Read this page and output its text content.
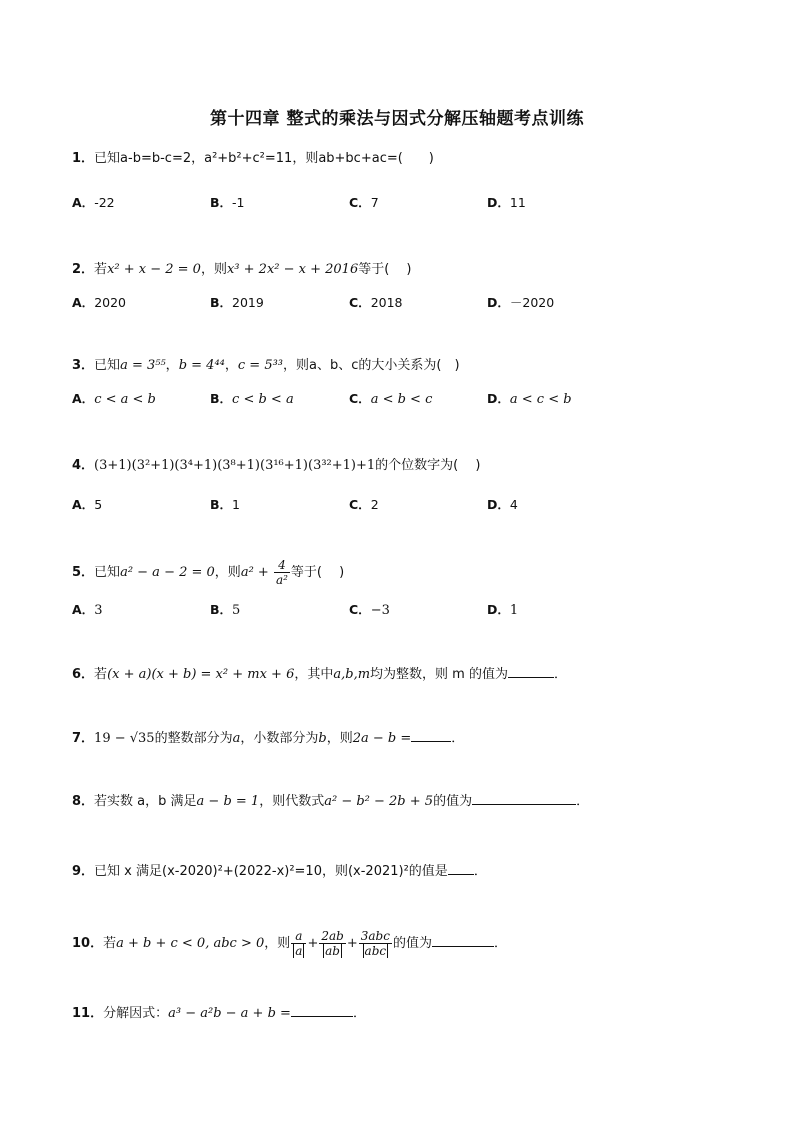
第十四章 整式的乘法与因式分解压轴题考点训练
1．已知a-b=b-c=2，a²+b²+c²=11，则ab+bc+ac=(　　)
A．-22	B．-1	C．7	D．11
2．若x² + x − 2 = 0，则x³ + 2x² − x + 2016等于(　 )
A．2020	B．2019	C．2018	D．－2020
3．已知a = 3⁵⁵，b = 4⁴⁴，c = 5³³，则a、b、c的大小关系为(　)
A．c < a < b	B．c < b < a	C．a < b < c	D．a < c < b
4．(3+1)(3²+1)(3⁴+1)(3⁸+1)(3¹⁶+1)(3³²+1)+1的个位数字为(　 )
A．5	B．1	C．2	D．4
5．已知a² − a − 2 = 0，则$a^2 + \frac{4}{\text{a²}}$ 等于(　 )
A．3	B．5	C．−3	D．1
6．若(x + a)(x + b) = x² + mx + 6，其中a,b,m均为整数，则 m 的值为	．
7．19 − √35的整数部分为a，小数部分为b，则2a − b =	．
8．若实数 a，b 满足a − b = 1，则代数式a² − b² − 2b + 5的值为	．
9．已知 x 满足(x-2020)²+(2022-x)²=10，则(x-2021)²的值是 ．
10．若a + b + c < 0, abc > 0，则 $\frac{a}{a} + \frac{2ab}{ab} + \frac{\text{3abc}}{\text{abc}}$ 的值为	．
11．分解因式：a³ − a²b − a + b =	．
